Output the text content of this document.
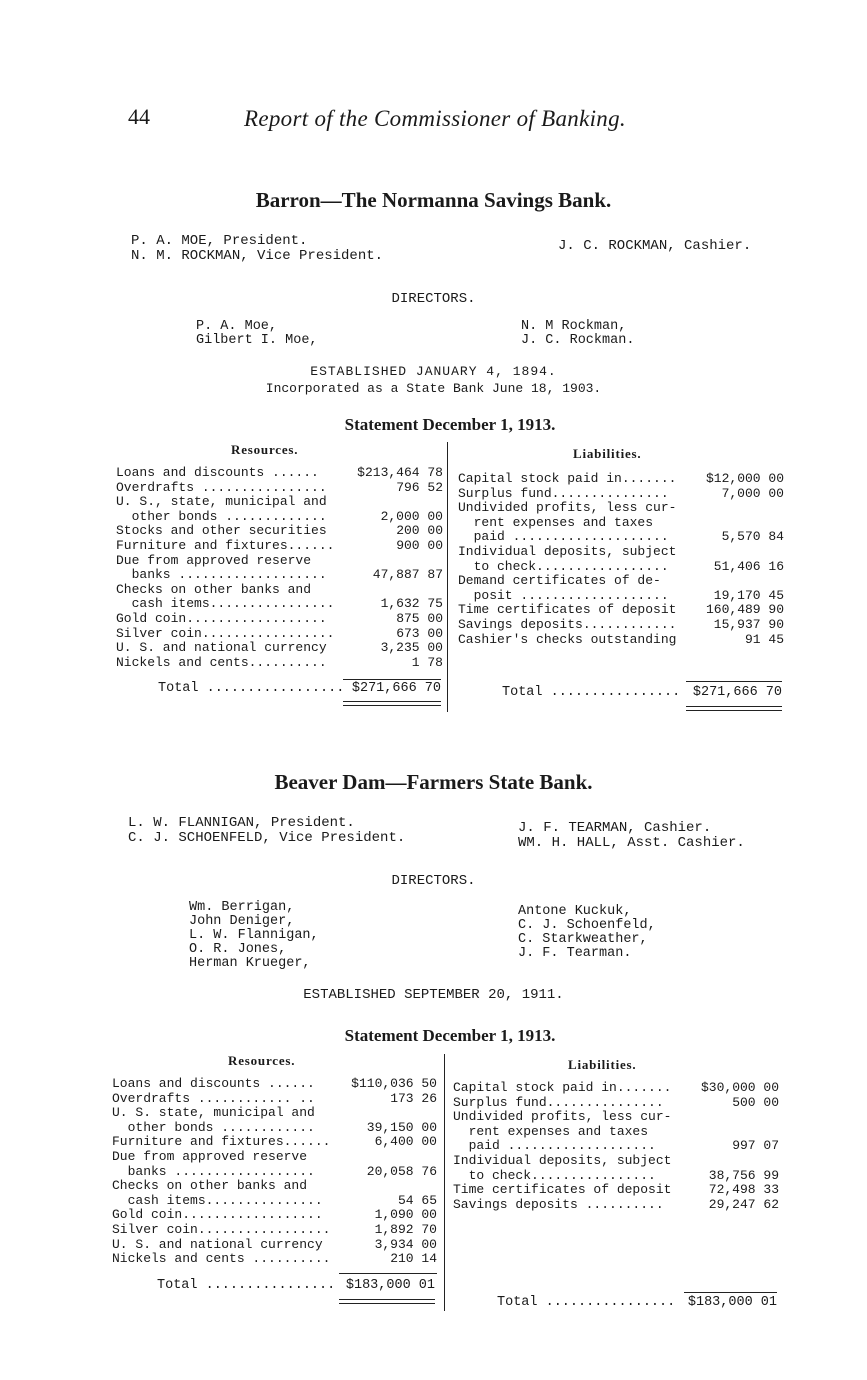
44	Report of the Commissioner of Banking.
Barron—The Normanna Savings Bank.
P. A. MOE, President.
N. M. ROCKMAN, Vice President.
J. C. ROCKMAN, Cashier.
DIRECTORS.
P. A. Moe,
Gilbert I. Moe,
N. M Rockman,
J. C. Rockman.
ESTABLISHED JANUARY 4, 1894.
Incorporated as a State Bank June 18, 1903.
Statement December 1, 1913.
Resources.	Liabilities.
Loans and discounts ......	$213,464 78
Overdrafts ................	796 52
U. S., state, municipal and
other bonds .............	2,000 00
Stocks and other securities	200 00
Furniture and fixtures......	900 00
Due from approved reserve
banks ...................	47,887 87
Checks on other banks and
cash items................	1,632 75
Gold coin..................	875 00
Silver coin.................	673 00
U. S. and national currency	3,235 00
Nickels and cents..........	1 78
Capital stock paid in....... $12,000 00
Surplus fund...............	7,000 00
Undivided profits, less cur-
rent expenses and taxes
paid ....................	5,570 84
Individual deposits, subject
to check.................	51,406 16
Demand certificates of de-
posit ...................	19,170 45
Time certificates of deposit 160,489 90
Savings deposits............	15,937 90
Cashier's checks outstanding	91 45
Total ................. $271,666 70	Total ................ $271,666 70
Beaver Dam—Farmers State Bank.
L. W. FLANNIGAN, President.
C. J. SCHOENFELD, Vice President.
J. F. TEARMAN, Cashier.
WM. H. HALL, Asst. Cashier.
DIRECTORS.
Wm. Berrigan,
John Deniger,
L. W. Flannigan,
O. R. Jones,
Herman Krueger,
Antone Kuckuk,
C. J. Schoenfeld,
C. Starkweather,
J. F. Tearman.
ESTABLISHED SEPTEMBER 20, 1911.
Statement December 1, 1913.
Resources.	Liabilities.
Loans and discounts ......	$110,036 50
Overdrafts ............ ..	173 26
U. S. state, municipal and
other bonds ............	39,150 00
Furniture and fixtures......	6,400 00
Due from approved reserve
banks ..................	20,058 76
Checks on other banks and
cash items...............	54 65
Gold coin..................	1,090 00
Silver coin.................	1,892 70
U. S. and national currency	3,934 00
Nickels and cents ..........	210 14
Capital stock paid in....... $30,000 00
Surplus fund...............	500 00
Undivided profits, less cur-
rent expenses and taxes
paid ...................	997 07
Individual deposits, subject
to check................	38,756 99
Time certificates of deposit	72,498 33
Savings deposits ..........	29,247 62
Total ................ $183,000 01
Total ................ $183,000 01
